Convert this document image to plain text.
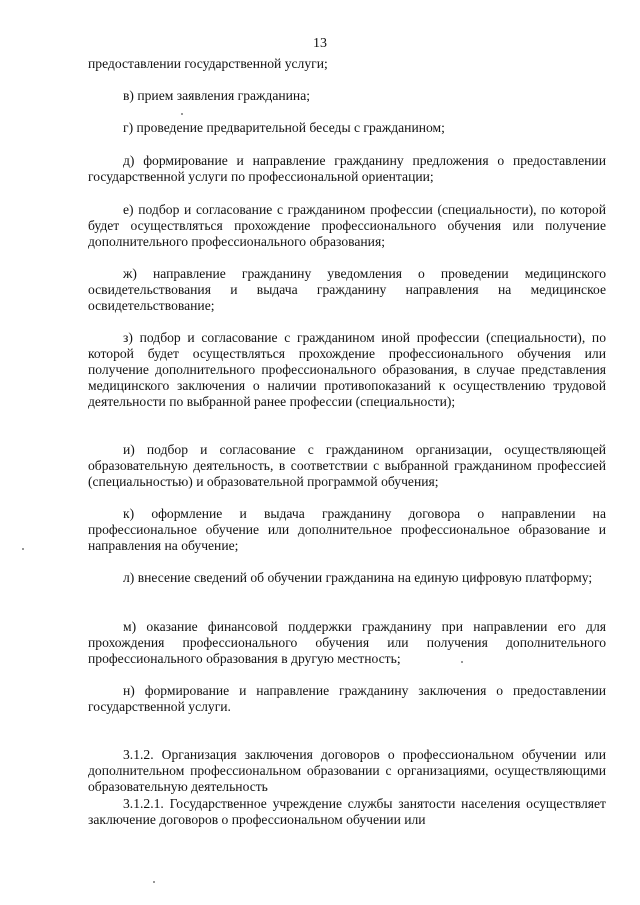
13

предоставлении государственной услуги;

в) прием заявления гражданина;

г) проведение предварительной беседы с гражданином;

д) формирование и направление гражданину предложения о предоставлении государственной услуги по профессиональной ориентации;

е) подбор и согласование с гражданином профессии (специальности), по которой будет осуществляться прохождение профессионального обучения или получение дополнительного профессионального образования;

ж) направление гражданину уведомления о проведении медицинского освидетельствования и выдача гражданину направления на медицинское освидетельствование;

з) подбор и согласование с гражданином иной профессии (специальности), по которой будет осуществляться прохождение профессионального обучения или получение дополнительного профессионального образования, в случае представления медицинского заключения о наличии противопоказаний к осуществлению трудовой деятельности по выбранной ранее профессии (специальности);

и) подбор и согласование с гражданином организации, осуществляющей образовательную деятельность, в соответствии с выбранной гражданином профессией (специальностью) и образовательной программой обучения;

к) оформление и выдача гражданину договора о направлении на профессиональное обучение или дополнительное профессиональное образование и направления на обучение;

л) внесение сведений об обучении гражданина на единую цифровую платформу;

м) оказание финансовой поддержки гражданину при направлении его для прохождения профессионального обучения или получения дополнительного профессионального образования в другую местность;

н) формирование и направление гражданину заключения о предоставлении государственной услуги.

3.1.2. Организация заключения договоров о профессиональном обучении или дополнительном профессиональном образовании с организациями, осуществляющими образовательную деятельность

3.1.2.1. Государственное учреждение службы занятости населения осуществляет заключение договоров о профессиональном обучении или
